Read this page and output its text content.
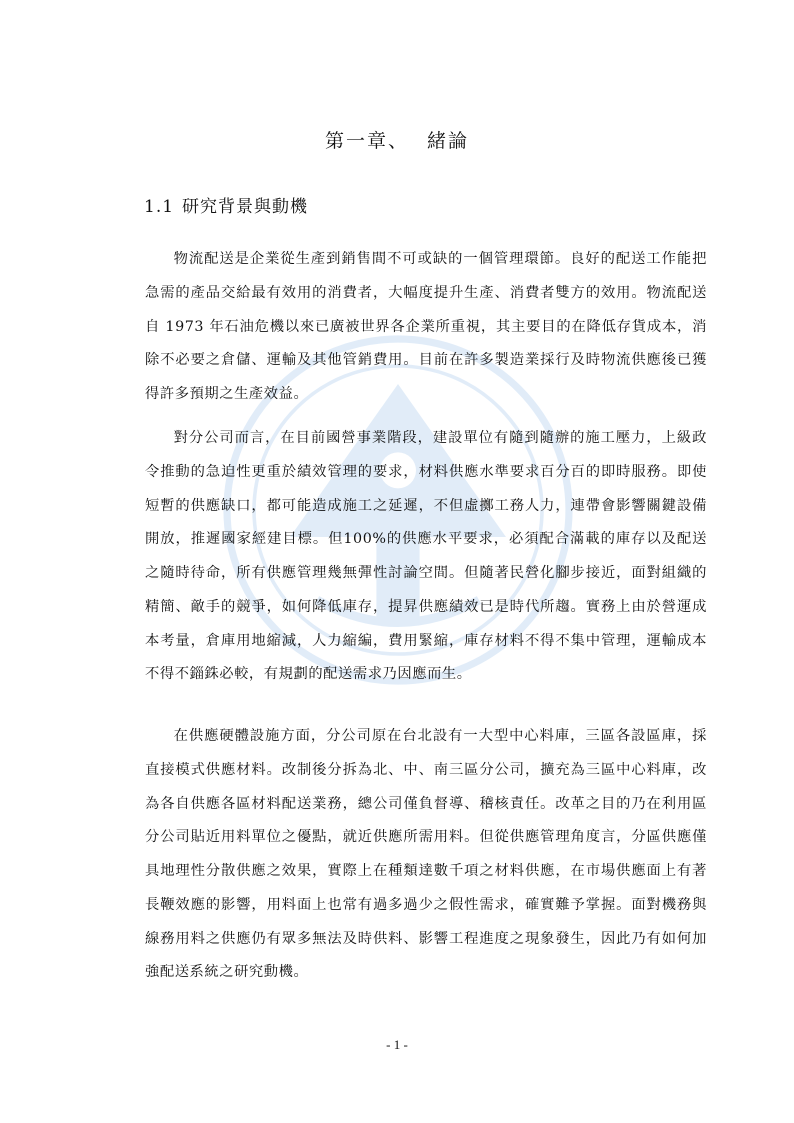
第一章、 緒論
1.1 研究背景與動機

物流配送是企業從生產到銷售間不可或缺的一個管理環節。良好的配送工作能把急需的產品交給最有效用的消費者，大幅度提升生產、消費者雙方的效用。物流配送自 1973 年石油危機以來已廣被世界各企業所重視，其主要目的在降低存貨成本，消除不必要之倉儲、運輸及其他管銷費用。目前在許多製造業採行及時物流供應後已獲得許多預期之生產效益。

對分公司而言，在目前國營事業階段，建設單位有隨到隨辦的施工壓力，上級政令推動的急迫性更重於績效管理的要求，材料供應水準要求百分百的即時服務。即使短暫的供應缺口，都可能造成施工之延遲，不但虛擲工務人力，連帶會影響關鍵設備開放，推遲國家經建目標。但100%的供應水平要求，必須配合滿載的庫存以及配送之隨時待命，所有供應管理幾無彈性討論空間。但隨著民營化腳步接近，面對組織的精簡、敵手的競爭，如何降低庫存，提昇供應績效已是時代所趨。實務上由於營運成本考量，倉庫用地縮減，人力縮編，費用緊縮，庫存材料不得不集中管理，運輸成本不得不錙銖必較，有規劃的配送需求乃因應而生。

在供應硬體設施方面，分公司原在台北設有一大型中心料庫，三區各設區庫，採直接模式供應材料。改制後分拆為北、中、南三區分公司，擴充為三區中心料庫，改為各自供應各區材料配送業務，總公司僅負督導、稽核責任。改革之目的乃在利用區分公司貼近用料單位之優點，就近供應所需用料。但從供應管理角度言，分區供應僅具地理性分散供應之效果，實際上在種類達數千項之材料供應，在市場供應面上有著長鞭效應的影響，用料面上也常有過多過少之假性需求，確實難予掌握。面對機務與線務用料之供應仍有眾多無法及時供料、影響工程進度之現象發生，因此乃有如何加強配送系統之研究動機。

- 1 -
